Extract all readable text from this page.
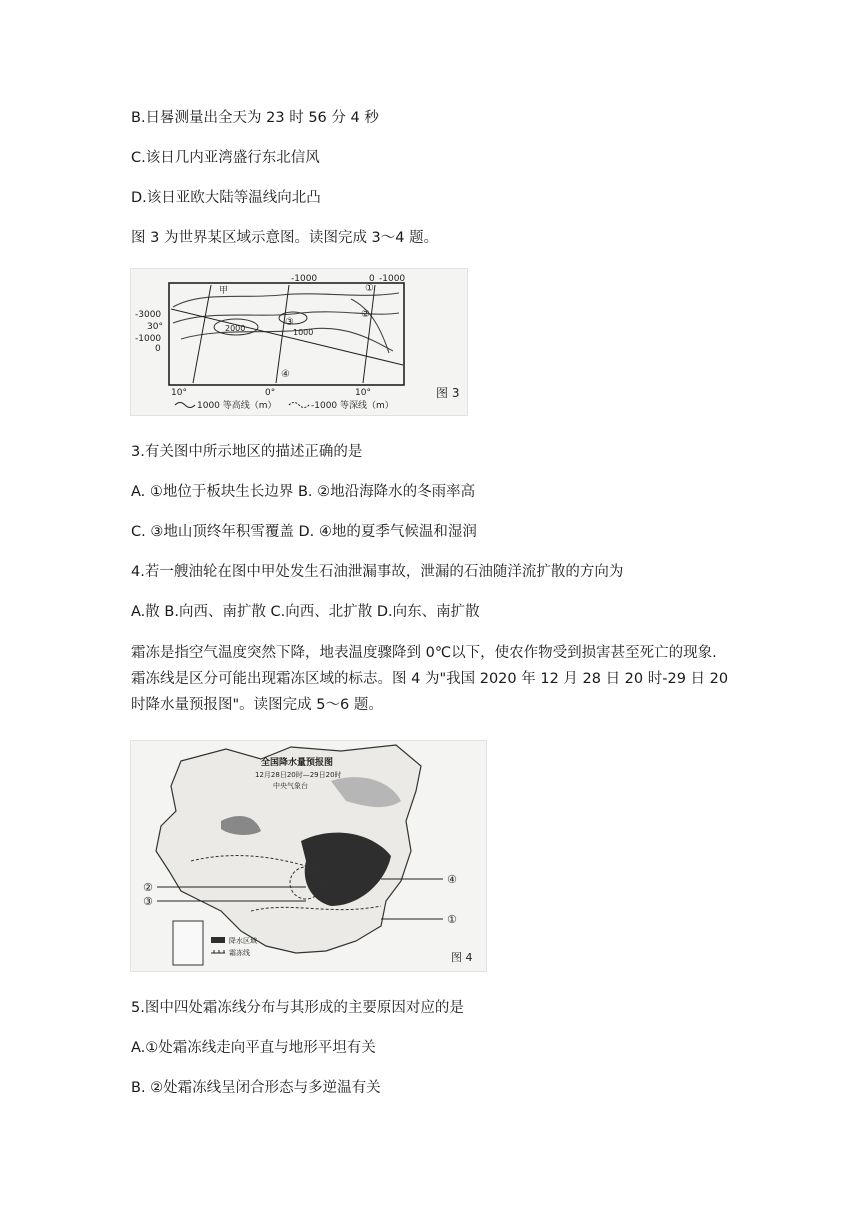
B.日晷测量出全天为 23 时 56 分 4 秒
C.该日几内亚湾盛行东北信风
D.该日亚欧大陆等温线向北凸
图 3 为世界某区域示意图。读图完成 3～4 题。
-1000	0 -1000
甲
-3000
30°
-1000
0
2000	1000
①
②
③
④
10°	0°	10°
1000 等高线（m）	-1000 等深线（m）
图 3
3.有关图中所示地区的描述正确的是
A. ①地位于板块生长边界 B. ②地沿海降水的冬雨率高
C. ③地山顶终年积雪覆盖 D. ④地的夏季气候温和湿润
4.若一艘油轮在图中甲处发生石油泄漏事故，泄漏的石油随洋流扩散的方向为
A.散 B.向西、南扩散 C.向西、北扩散 D.向东、南扩散
霜冻是指空气温度突然下降，地表温度骤降到 0℃以下，使农作物受到损害甚至死亡的现象. 霜冻线是区分可能出现霜冻区域的标志。图 4 为"我国 2020 年 12 月 28 日 20 时-29 日 20 时降水量预报图"。读图完成 5～6 题。
全国降水量预报图
12月28日20时—29日20时
中央气象台
②
③
④
①
降水区域
霜冻线	图 4
5.图中四处霜冻线分布与其形成的主要原因对应的是
A.①处霜冻线走向平直与地形平坦有关
B. ②处霜冻线呈闭合形态与多逆温有关
